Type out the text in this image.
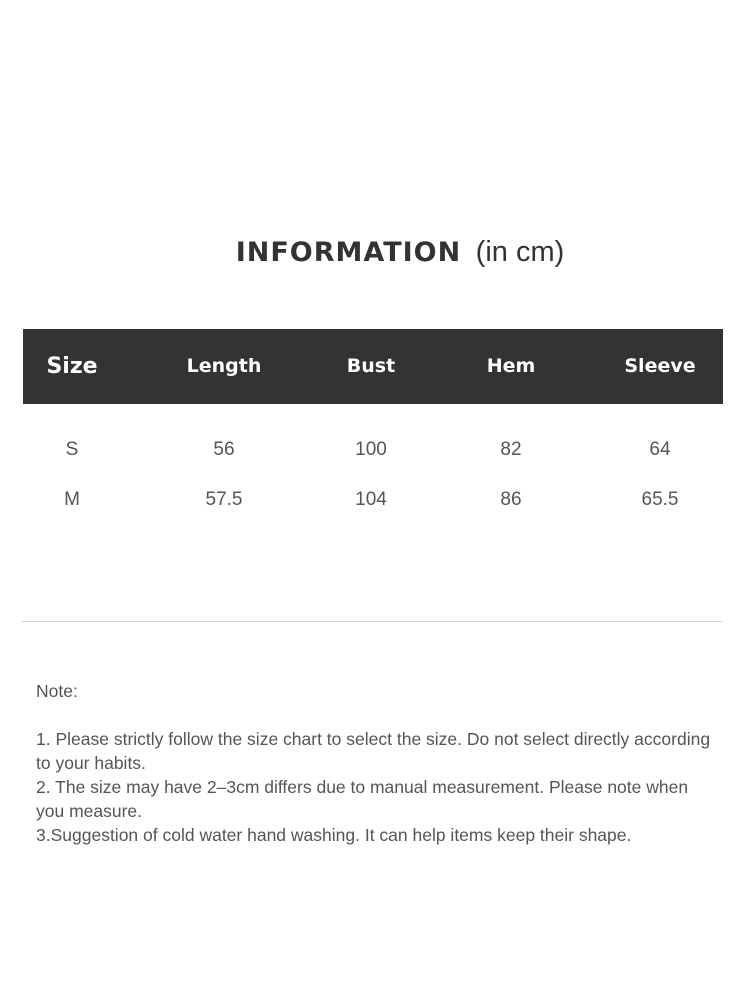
INFORMATION (in cm)
Size	Length	Bust	Hem	Sleeve
S	56	100	82	64
M	57.5	104	86	65.5
Note:
1. Please strictly follow the size chart to select the size. Do not select directly according to your habits.
2. The size may have 2–3cm differs due to manual measurement. Please note when you measure.
3.Suggestion of cold water hand washing. It can help items keep their shape.
